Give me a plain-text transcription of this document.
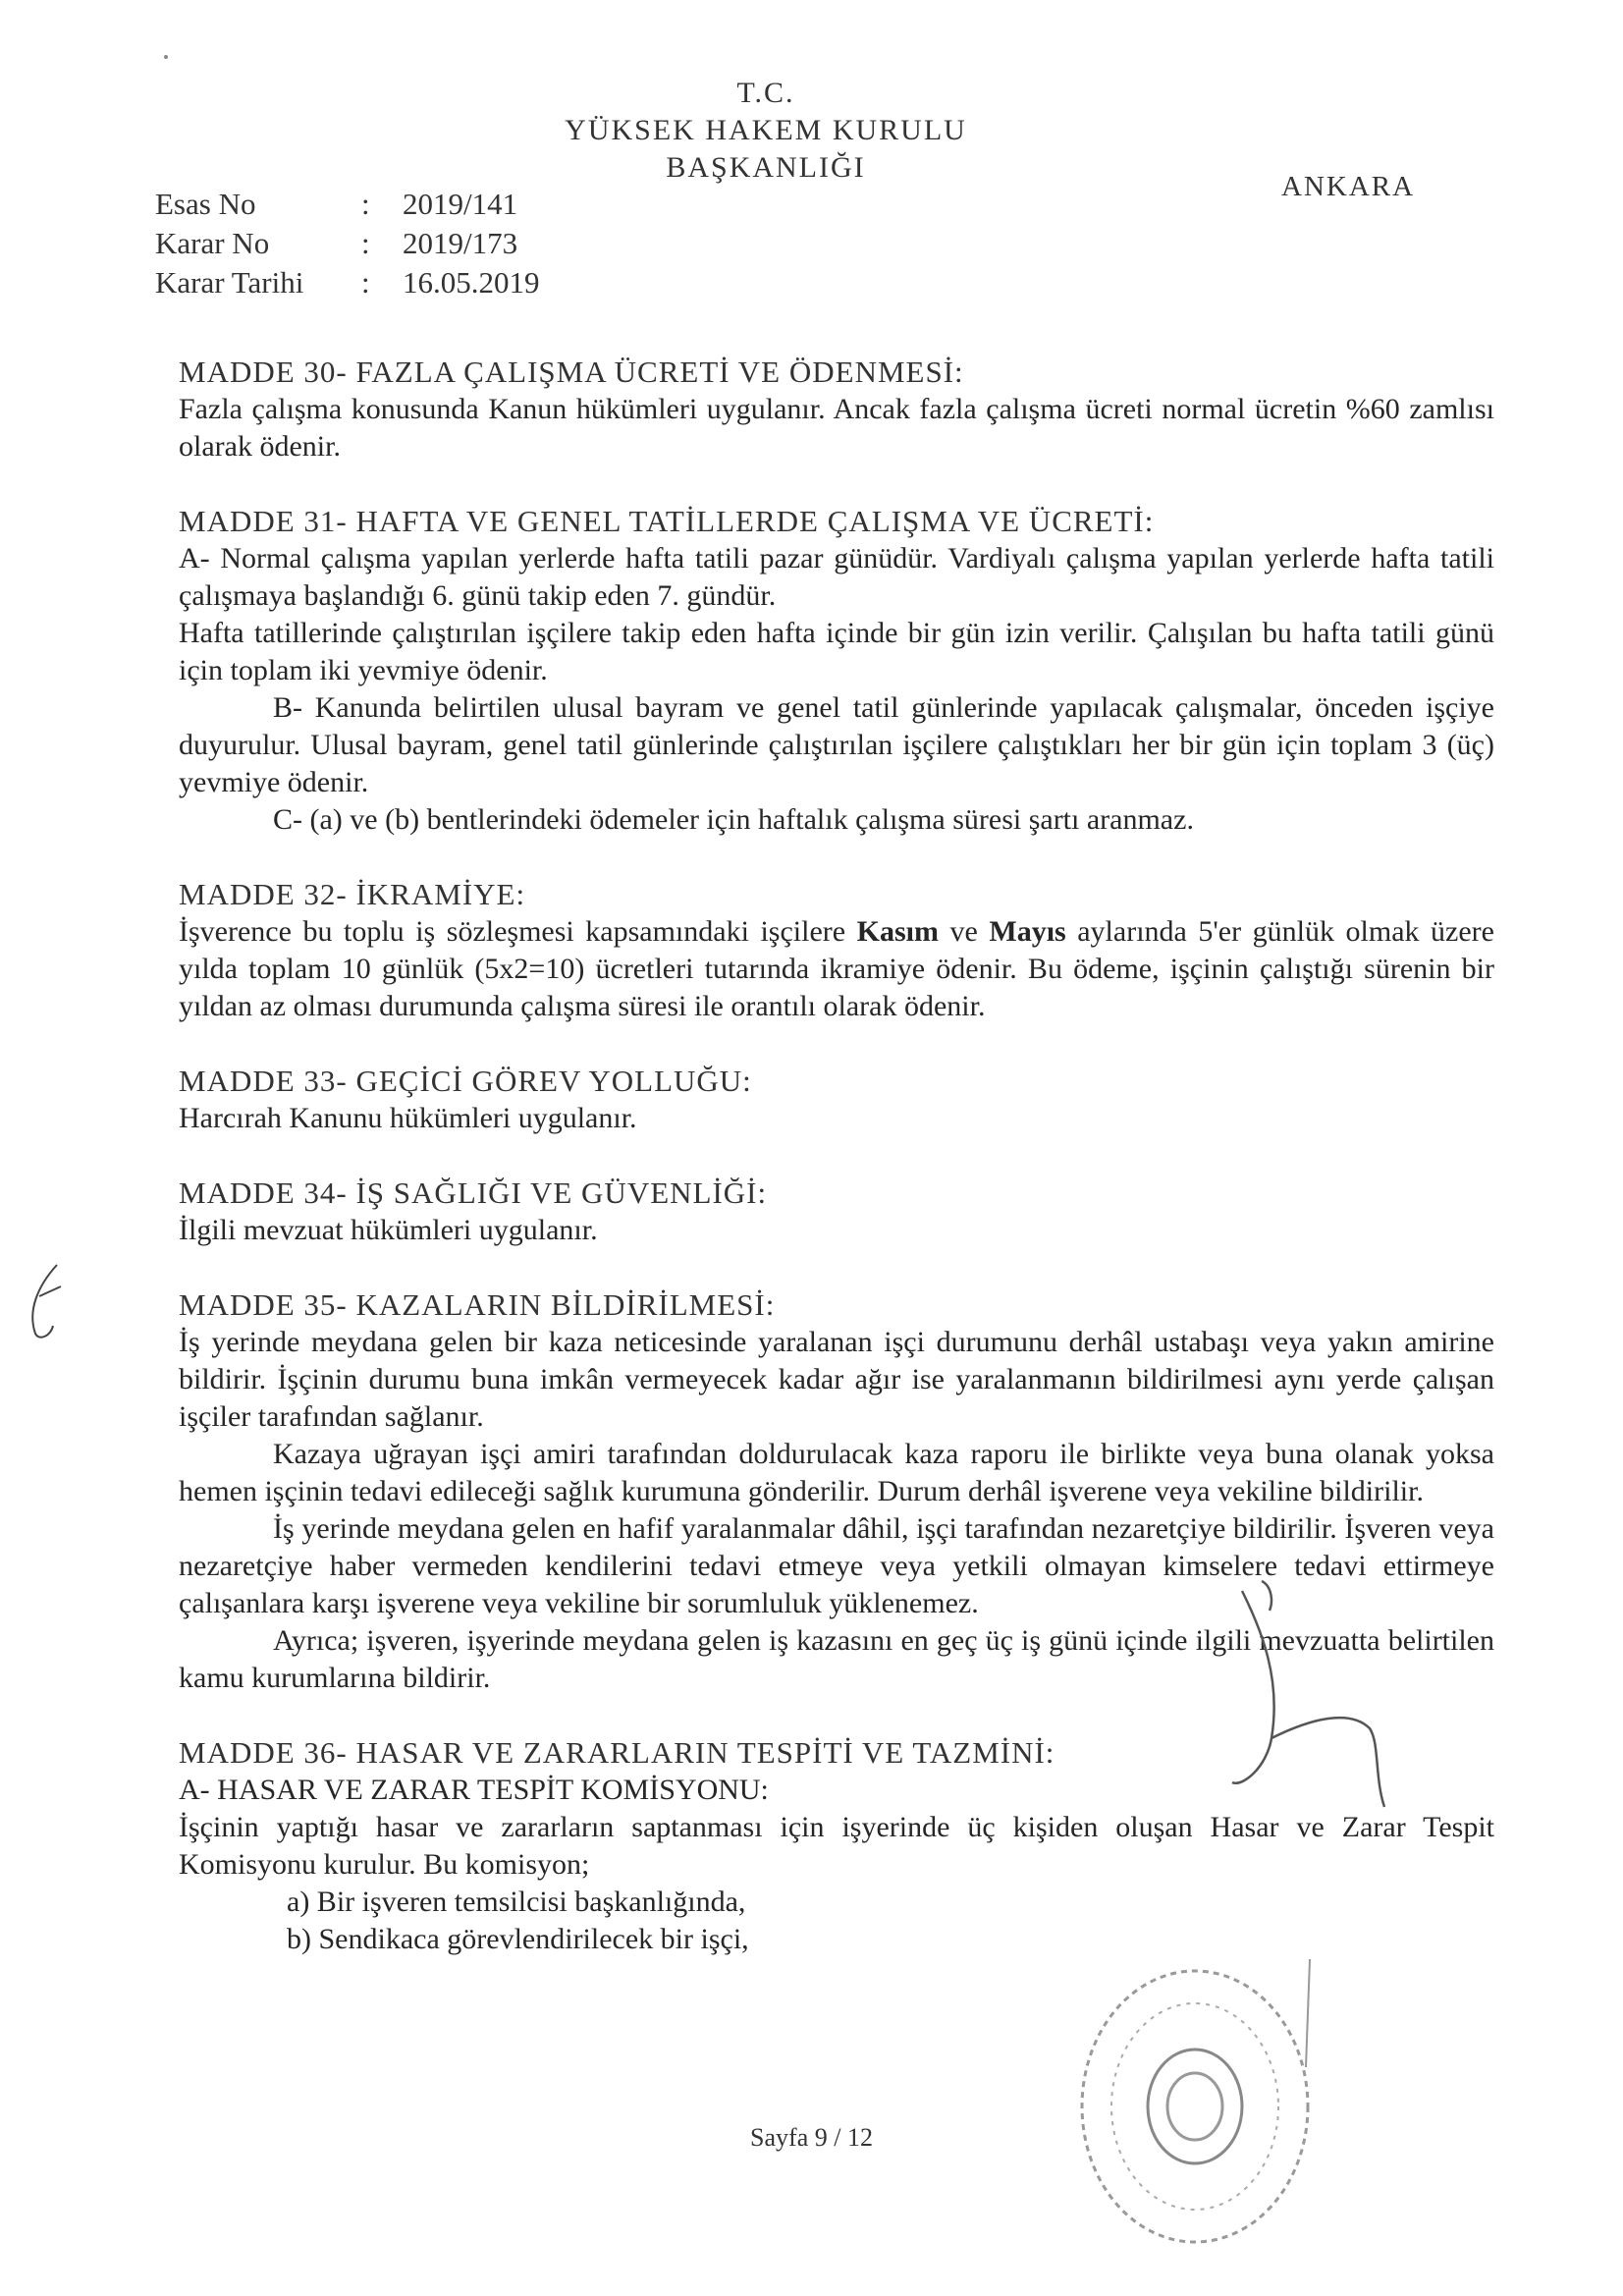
T.C.
YÜKSEK HAKEM KURULU
BAŞKANLIĞI
ANKARA
Esas No	:	2019/141
Karar No	:	2019/173
Karar Tarihi	:	16.05.2019

MADDE 30- FAZLA ÇALIŞMA ÜCRETİ VE ÖDENMESİ:

Fazla çalışma konusunda Kanun hükümleri uygulanır. Ancak fazla çalışma ücreti normal ücretin %60 zamlısı olarak ödenir.

MADDE 31- HAFTA VE GENEL TATİLLERDE ÇALIŞMA VE ÜCRETİ:

A- Normal çalışma yapılan yerlerde hafta tatili pazar günüdür. Vardiyalı çalışma yapılan yerlerde hafta tatili çalışmaya başlandığı 6. günü takip eden 7. gündür.

Hafta tatillerinde çalıştırılan işçilere takip eden hafta içinde bir gün izin verilir. Çalışılan bu hafta tatili günü için toplam iki yevmiye ödenir.

B- Kanunda belirtilen ulusal bayram ve genel tatil günlerinde yapılacak çalışmalar, önceden işçiye duyurulur. Ulusal bayram, genel tatil günlerinde çalıştırılan işçilere çalıştıkları her bir gün için toplam 3 (üç) yevmiye ödenir.

C- (a) ve (b) bentlerindeki ödemeler için haftalık çalışma süresi şartı aranmaz.

MADDE 32- İKRAMİYE:

İşverence bu toplu iş sözleşmesi kapsamındaki işçilere Kasım ve Mayıs aylarında 5'er günlük olmak üzere yılda toplam 10 günlük (5x2=10) ücretleri tutarında ikramiye ödenir. Bu ödeme, işçinin çalıştığı sürenin bir yıldan az olması durumunda çalışma süresi ile orantılı olarak ödenir.

MADDE 33- GEÇİCİ GÖREV YOLLUĞU:

Harcırah Kanunu hükümleri uygulanır.

MADDE 34- İŞ SAĞLIĞI VE GÜVENLİĞİ:

İlgili mevzuat hükümleri uygulanır.

MADDE 35- KAZALARIN BİLDİRİLMESİ:

İş yerinde meydana gelen bir kaza neticesinde yaralanan işçi durumunu derhâl ustabaşı veya yakın amirine bildirir. İşçinin durumu buna imkân vermeyecek kadar ağır ise yaralanmanın bildirilmesi aynı yerde çalışan işçiler tarafından sağlanır.

Kazaya uğrayan işçi amiri tarafından doldurulacak kaza raporu ile birlikte veya buna olanak yoksa hemen işçinin tedavi edileceği sağlık kurumuna gönderilir. Durum derhâl işverene veya vekiline bildirilir.

İş yerinde meydana gelen en hafif yaralanmalar dâhil, işçi tarafından nezaretçiye bildirilir. İşveren veya nezaretçiye haber vermeden kendilerini tedavi etmeye veya yetkili olmayan kimselere tedavi ettirmeye çalışanlara karşı işverene veya vekiline bir sorumluluk yüklenemez.

Ayrıca; işveren, işyerinde meydana gelen iş kazasını en geç üç iş günü içinde ilgili mevzuatta belirtilen kamu kurumlarına bildirir.

MADDE 36- HASAR VE ZARARLARIN TESPİTİ VE TAZMİNİ:

A- HASAR VE ZARAR TESPİT KOMİSYONU:

İşçinin yaptığı hasar ve zararların saptanması için işyerinde üç kişiden oluşan Hasar ve Zarar Tespit Komisyonu kurulur. Bu komisyon;

a) Bir işveren temsilcisi başkanlığında,

b) Sendikaca görevlendirilecek bir işçi,

Sayfa 9 / 12
